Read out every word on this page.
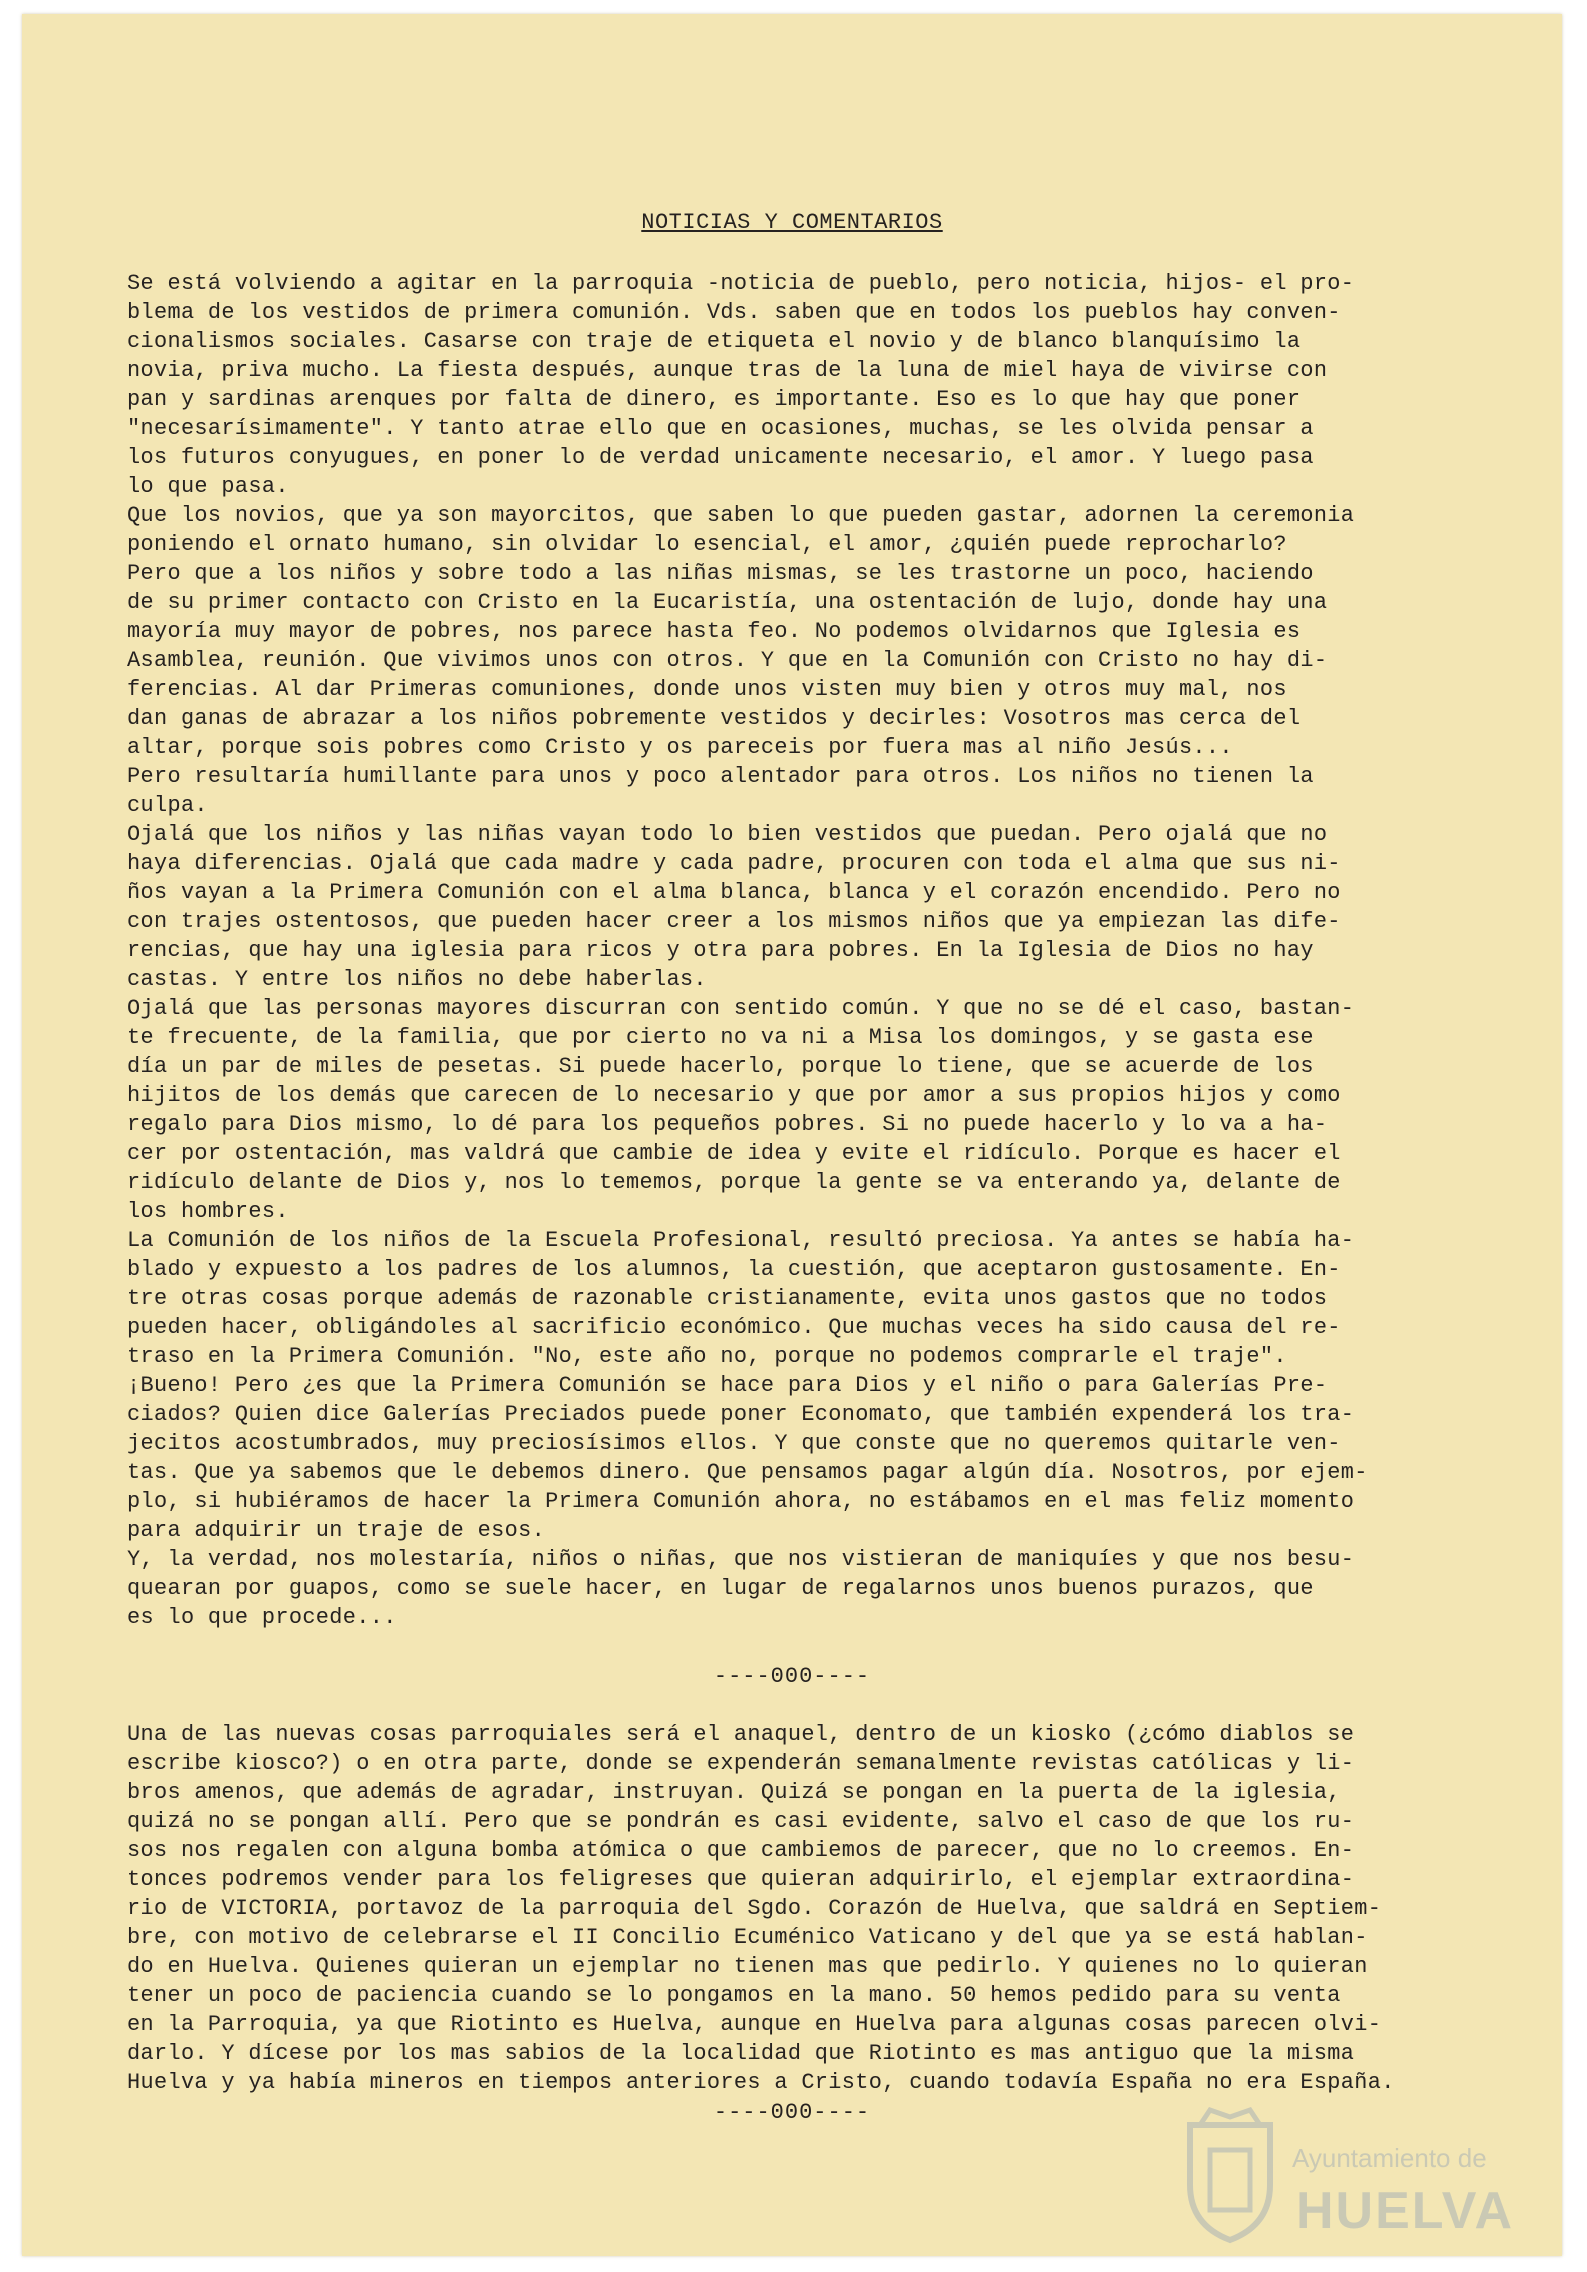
NOTICIAS Y COMENTARIOS
Se está volviendo a agitar en la parroquia -noticia de pueblo, pero noticia, hijos- el pro-
blema de los vestidos de primera comunión. Vds. saben que en todos los pueblos hay conven-
cionalismos sociales. Casarse con traje de etiqueta el novio y de blanco blanquísimo la
novia, priva mucho. La fiesta después, aunque tras de la luna de miel haya de vivirse con
pan y sardinas arenques por falta de dinero, es importante. Eso es lo que hay que poner
"necesarísimamente". Y tanto atrae ello que en ocasiones, muchas, se les olvida pensar a
los futuros conyugues, en poner lo de verdad unicamente necesario, el amor. Y luego pasa
lo que pasa.
Que los novios, que ya son mayorcitos, que saben lo que pueden gastar, adornen la ceremonia
poniendo el ornato humano, sin olvidar lo esencial, el amor, ¿quién puede reprocharlo?
Pero que a los niños y sobre todo a las niñas mismas, se les trastorne un poco, haciendo
de su primer contacto con Cristo en la Eucaristía, una ostentación de lujo, donde hay una
mayoría muy mayor de pobres, nos parece hasta feo. No podemos olvidarnos que Iglesia es
Asamblea, reunión. Que vivimos unos con otros. Y que en la Comunión con Cristo no hay di-
ferencias. Al dar Primeras comuniones, donde unos visten muy bien y otros muy mal, nos
dan ganas de abrazar a los niños pobremente vestidos y decirles: Vosotros mas cerca del
altar, porque sois pobres como Cristo y os pareceis por fuera mas al niño Jesús...
Pero resultaría humillante para unos y poco alentador para otros. Los niños no tienen la
culpa.
Ojalá que los niños y las niñas vayan todo lo bien vestidos que puedan. Pero ojalá que no
haya diferencias. Ojalá que cada madre y cada padre, procuren con toda el alma que sus ni-
ños vayan a la Primera Comunión con el alma blanca, blanca y el corazón encendido. Pero no
con trajes ostentosos, que pueden hacer creer a los mismos niños que ya empiezan las dife-
rencias, que hay una iglesia para ricos y otra para pobres. En la Iglesia de Dios no hay
castas. Y entre los niños no debe haberlas.
Ojalá que las personas mayores discurran con sentido común. Y que no se dé el caso, bastan-
te frecuente, de la familia, que por cierto no va ni a Misa los domingos, y se gasta ese
día un par de miles de pesetas. Si puede hacerlo, porque lo tiene, que se acuerde de los
hijitos de los demás que carecen de lo necesario y que por amor a sus propios hijos y como
regalo para Dios mismo, lo dé para los pequeños pobres. Si no puede hacerlo y lo va a ha-
cer por ostentación, mas valdrá que cambie de idea y evite el ridículo. Porque es hacer el
ridículo delante de Dios y, nos lo tememos, porque la gente se va enterando ya, delante de
los hombres.
La Comunión de los niños de la Escuela Profesional, resultó preciosa. Ya antes se había ha-
blado y expuesto a los padres de los alumnos, la cuestión, que aceptaron gustosamente. En-
tre otras cosas porque además de razonable cristianamente, evita unos gastos que no todos
pueden hacer, obligándoles al sacrificio económico. Que muchas veces ha sido causa del re-
traso en la Primera Comunión. "No, este año no, porque no podemos comprarle el traje".
¡Bueno! Pero ¿es que la Primera Comunión se hace para Dios y el niño o para Galerías Pre-
ciados? Quien dice Galerías Preciados puede poner Economato, que también expenderá los tra-
jecitos acostumbrados, muy preciosísimos ellos. Y que conste que no queremos quitarle ven-
tas. Que ya sabemos que le debemos dinero. Que pensamos pagar algún día. Nosotros, por ejem-
plo, si hubiéramos de hacer la Primera Comunión ahora, no estábamos en el mas feliz momento
para adquirir un traje de esos.
Y, la verdad, nos molestaría, niños o niñas, que nos vistieran de maniquíes y que nos besu-
quearan por guapos, como se suele hacer, en lugar de regalarnos unos buenos purazos, que
es lo que procede...
----000----
Una de las nuevas cosas parroquiales será el anaquel, dentro de un kiosko (¿cómo diablos se
escribe kiosco?) o en otra parte, donde se expenderán semanalmente revistas católicas y li-
bros amenos, que además de agradar, instruyan. Quizá se pongan en la puerta de la iglesia,
quizá no se pongan allí. Pero que se pondrán es casi evidente, salvo el caso de que los ru-
sos nos regalen con alguna bomba atómica o que cambiemos de parecer, que no lo creemos. En-
tonces podremos vender para los feligreses que quieran adquirirlo, el ejemplar extraordina-
rio de VICTORIA, portavoz de la parroquia del Sgdo. Corazón de Huelva, que saldrá en Septiem-
bre, con motivo de celebrarse el II Concilio Ecuménico Vaticano y del que ya se está hablan-
do en Huelva. Quienes quieran un ejemplar no tienen mas que pedirlo. Y quienes no lo quieran
tener un poco de paciencia cuando se lo pongamos en la mano. 50 hemos pedido para su venta
en la Parroquia, ya que Riotinto es Huelva, aunque en Huelva para algunas cosas parecen olvi-
darlo. Y dícese por los mas sabios de la localidad que Riotinto es mas antiguo que la misma
Huelva y ya había mineros en tiempos anteriores a Cristo, cuando todavía España no era España.
----000----
Ayuntamiento de
HUELVA
